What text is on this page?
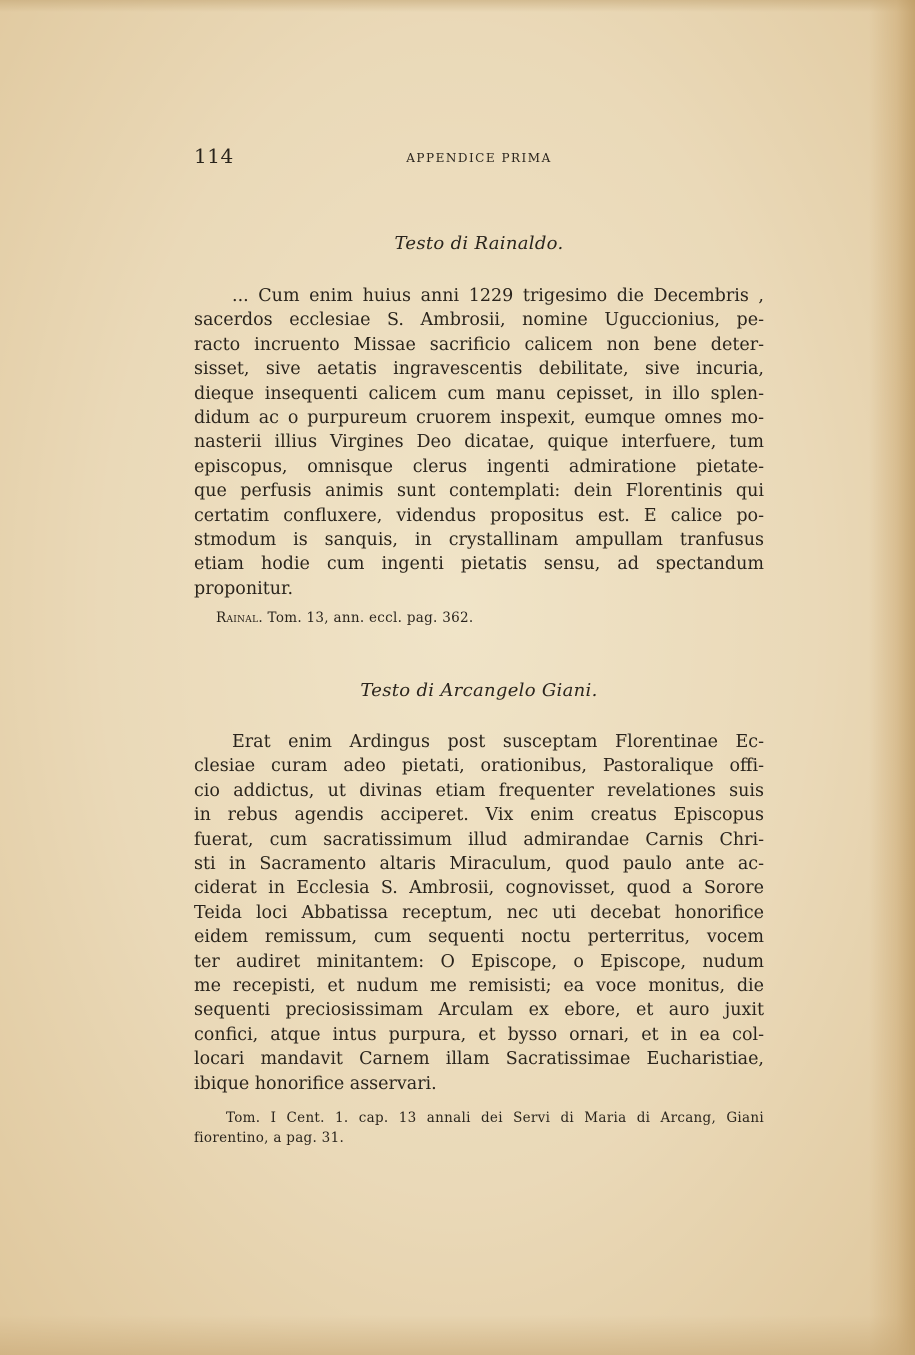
114	APPENDICE PRIMA
Testo di Rainaldo.
... Cum enim huius anni 1229 trigesimo die Decembris ,
sacerdos ecclesiae S. Ambrosii, nomine Uguccionius, pe-
racto incruento Missae sacrificio calicem non bene deter-
sisset, sive aetatis ingravescentis debilitate, sive incuria,
dieque insequenti calicem cum manu cepisset, in illo splen-
didum ac o purpureum cruorem inspexit, eumque omnes mo-
nasterii illius Virgines Deo dicatae, quique interfuere, tum
episcopus, omnisque clerus ingenti admiratione pietate-
que perfusis animis sunt contemplati: dein Florentinis qui
certatim confluxere, videndus propositus est. E calice po-
stmodum is sanquis, in crystallinam ampullam tranfusus
etiam hodie cum ingenti pietatis sensu, ad spectandum
proponitur.
Rainal. Tom. 13, ann. eccl. pag. 362.
Testo di Arcangelo Giani.
Erat enim Ardingus post susceptam Florentinae Ec-
clesiae curam adeo pietati, orationibus, Pastoralique offi-
cio addictus, ut divinas etiam frequenter revelationes suis
in rebus agendis acciperet. Vix enim creatus Episcopus
fuerat, cum sacratissimum illud admirandae Carnis Chri-
sti in Sacramento altaris Miraculum, quod paulo ante ac-
ciderat in Ecclesia S. Ambrosii, cognovisset, quod a Sorore
Teida loci Abbatissa receptum, nec uti decebat honorifice
eidem remissum, cum sequenti noctu perterritus, vocem
ter audiret minitantem: O Episcope, o Episcope, nudum
me recepisti, et nudum me remisisti; ea voce monitus, die
sequenti preciosissimam Arculam ex ebore, et auro juxit
confici, atque intus purpura, et bysso ornari, et in ea col-
locari mandavit Carnem illam Sacratissimae Eucharistiae,
ibique honorifice asservari.
Tom. I Cent. 1. cap. 13 annali dei Servi di Maria di Arcang, Giani
fiorentino, a pag. 31.
